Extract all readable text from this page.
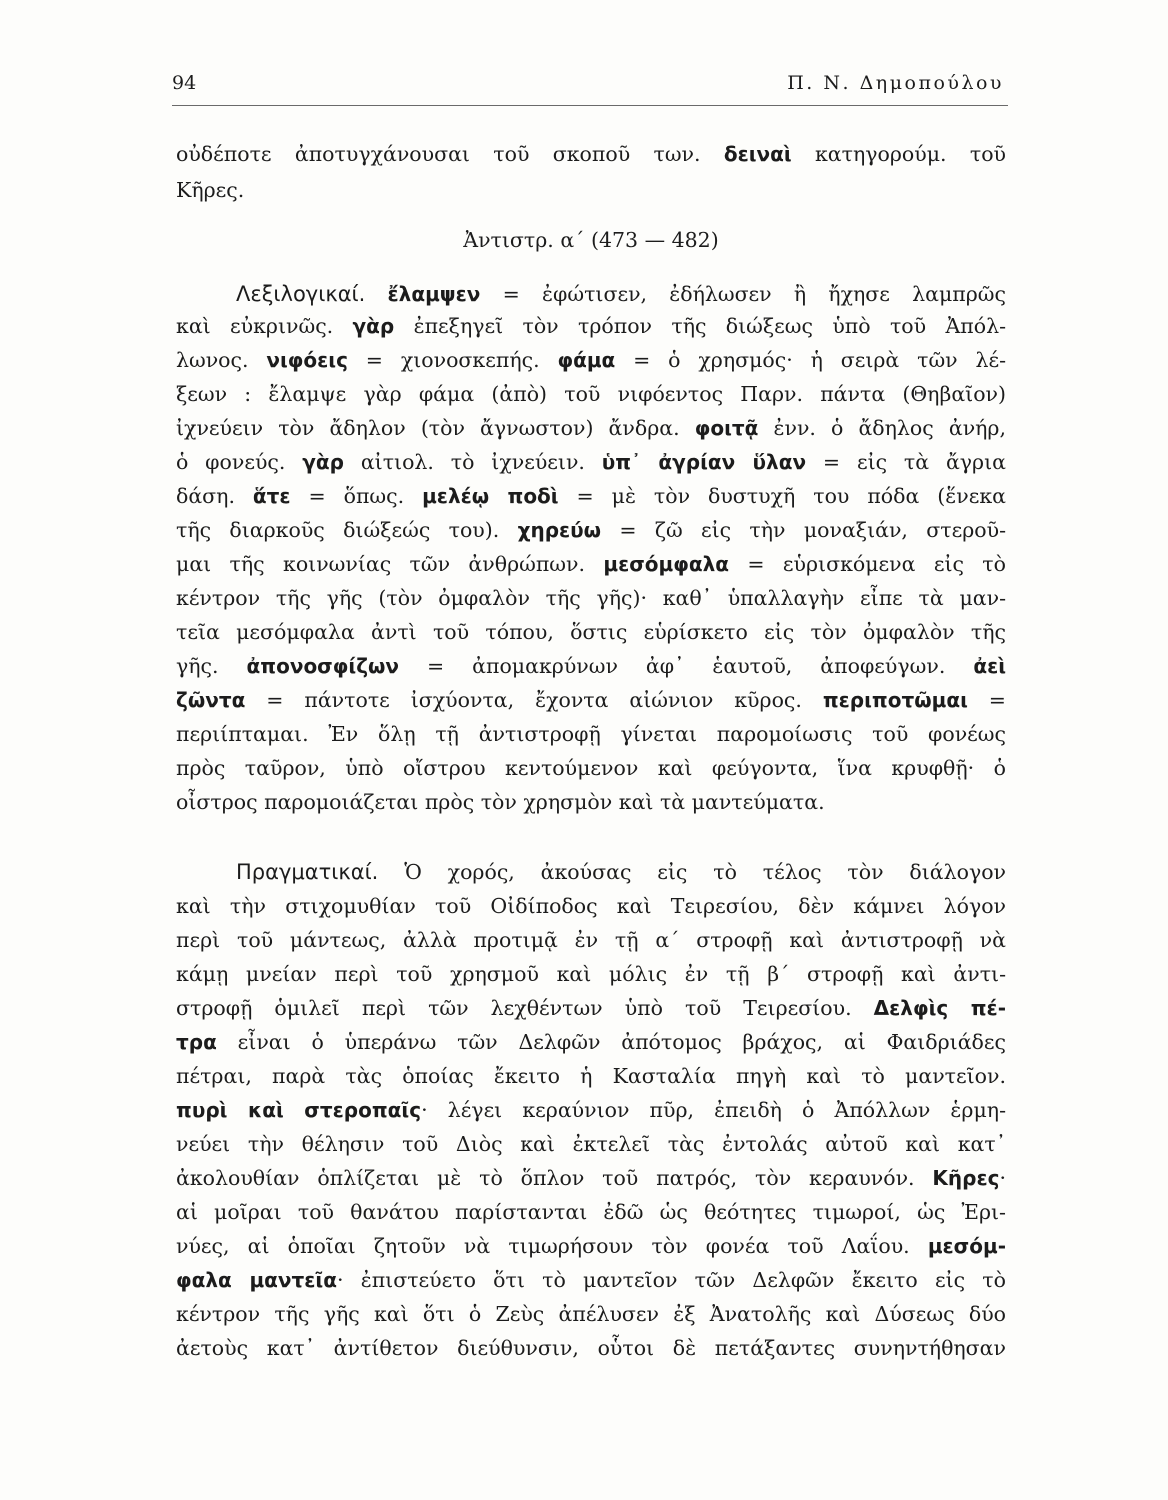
94	Π. Ν. Δημοπούλου
οὐδέποτε ἀποτυγχάνουσαι τοῦ σκοποῦ των. δειναὶ κατηγορούμ. τοῦ
Κῆρες.
Ἀντιστρ. α΄ (473 — 482)
Λεξιλογικαί. ἔλαμψεν = ἐφώτισεν, ἐδήλωσεν ἢ ἤχησε λαμπρῶς
καὶ εὐκρινῶς. γὰρ ἐπεξηγεῖ τὸν τρόπον τῆς διώξεως ὑπὸ τοῦ Ἀπόλ-
λωνος. νιφόεις = χιονοσκεπής. φάμα = ὁ χρησμός· ἡ σειρὰ τῶν λέ-
ξεων : ἔλαμψε γὰρ φάμα (ἀπὸ) τοῦ νιφόεντος Παρν. πάντα (Θηβαῖον)
ἰχνεύειν τὸν ἄδηλον (τὸν ἄγνωστον) ἄνδρα. φοιτᾷ ἐνν. ὁ ἄδηλος ἀνήρ,
ὁ φονεύς. γὰρ αἰτιολ. τὸ ἰχνεύειν. ὑπ᾽ ἀγρίαν ὕλαν = εἰς τὰ ἄγρια
δάση. ἅτε = ὅπως. μελέῳ ποδὶ = μὲ τὸν δυστυχῆ του πόδα (ἕνεκα
τῆς διαρκοῦς διώξεώς του). χηρεύω = ζῶ εἰς τὴν μοναξιάν, στεροῦ-
μαι τῆς κοινωνίας τῶν ἀνθρώπων. μεσόμφαλα = εὑρισκόμενα εἰς τὸ
κέντρον τῆς γῆς (τὸν ὀμφαλὸν τῆς γῆς)· καθ᾽ ὑπαλλαγὴν εἶπε τὰ μαν-
τεῖα μεσόμφαλα ἀντὶ τοῦ τόπου, ὅστις εὑρίσκετο εἰς τὸν ὀμφαλὸν τῆς
γῆς. ἀπονοσφίζων = ἀπομακρύνων ἀφ᾽ ἑαυτοῦ, ἀποφεύγων. ἀεὶ
ζῶντα = πάντοτε ἰσχύοντα, ἔχοντα αἰώνιον κῦρος. περιποτῶμαι =
περιίπταμαι. Ἐν ὅλῃ τῇ ἀντιστροφῇ γίνεται παρομοίωσις τοῦ φονέως
πρὸς ταῦρον, ὑπὸ οἴστρου κεντούμενον καὶ φεύγοντα, ἵνα κρυφθῇ· ὁ
οἶστρος παρομοιάζεται πρὸς τὸν χρησμὸν καὶ τὰ μαντεύματα.
Πραγματικαί. Ὁ χορός, ἀκούσας εἰς τὸ τέλος τὸν διάλογον
καὶ τὴν στιχομυθίαν τοῦ Οἰδίποδος καὶ Τειρεσίου, δὲν κάμνει λόγον
περὶ τοῦ μάντεως, ἀλλὰ προτιμᾷ ἐν τῇ α΄ στροφῇ καὶ ἀντιστροφῇ νὰ
κάμῃ μνείαν περὶ τοῦ χρησμοῦ καὶ μόλις ἐν τῇ β΄ στροφῇ καὶ ἀντι-
στροφῇ ὁμιλεῖ περὶ τῶν λεχθέντων ὑπὸ τοῦ Τειρεσίου. Δελφὶς πέ-
τρα εἶναι ὁ ὑπεράνω τῶν Δελφῶν ἀπότομος βράχος, αἱ Φαιδριάδες
πέτραι, παρὰ τὰς ὁποίας ἔκειτο ἡ Κασταλία πηγὴ καὶ τὸ μαντεῖον.
πυρὶ καὶ στεροπαῖς· λέγει κεραύνιον πῦρ, ἐπειδὴ ὁ Ἀπόλλων ἑρμη-
νεύει τὴν θέλησιν τοῦ Διὸς καὶ ἐκτελεῖ τὰς ἐντολάς αὐτοῦ καὶ κατ᾽
ἀκολουθίαν ὁπλίζεται μὲ τὸ ὅπλον τοῦ πατρός, τὸν κεραυνόν. Κῆρες·
αἱ μοῖραι τοῦ θανάτου παρίστανται ἐδῶ ὡς θεότητες τιμωροί, ὡς Ἐρι-
νύες, αἱ ὁποῖαι ζητοῦν νὰ τιμωρήσουν τὸν φονέα τοῦ Λαΐου. μεσόμ-
φαλα μαντεῖα· ἐπιστεύετο ὅτι τὸ μαντεῖον τῶν Δελφῶν ἔκειτο εἰς τὸ
κέντρον τῆς γῆς καὶ ὅτι ὁ Ζεὺς ἀπέλυσεν ἐξ Ἀνατολῆς καὶ Δύσεως δύο
ἀετοὺς κατ᾽ ἀντίθετον διεύθυνσιν, οὗτοι δὲ πετάξαντες συνηντήθησαν
